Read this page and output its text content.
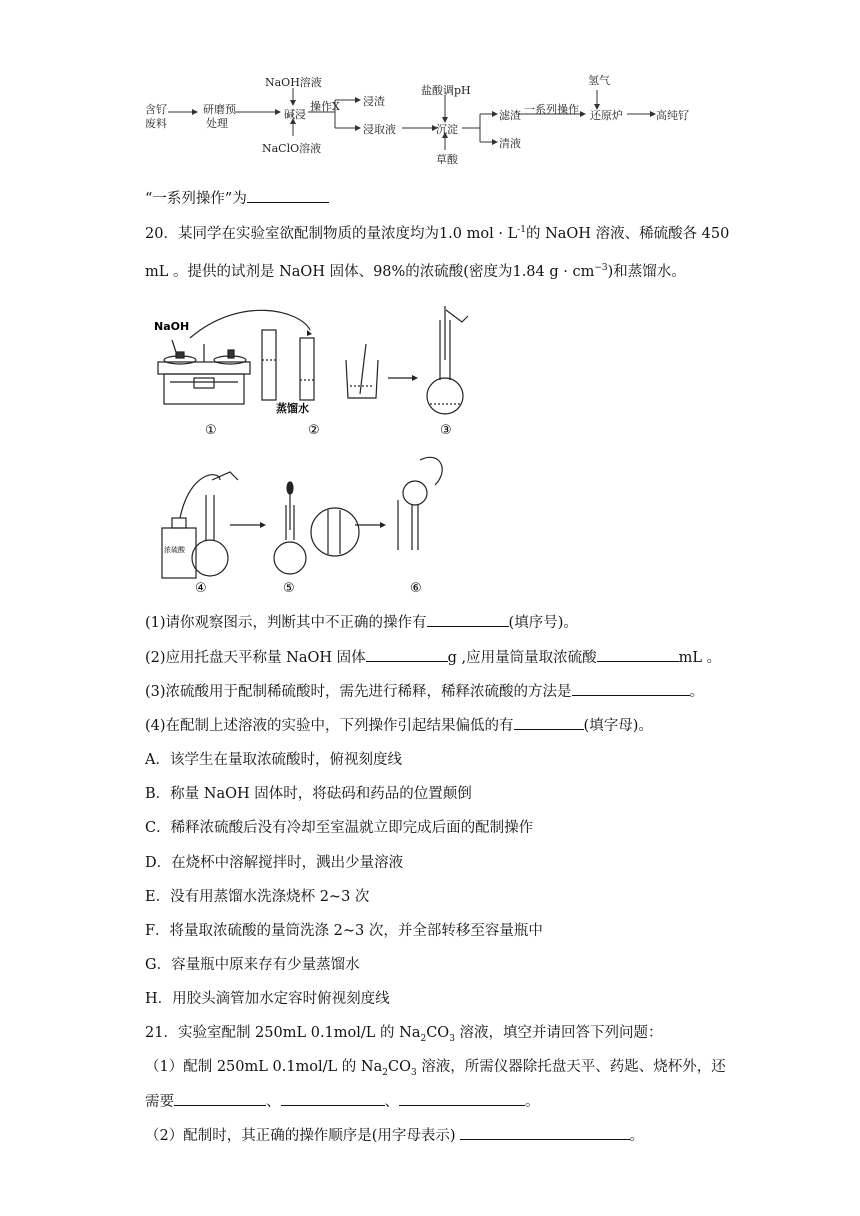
含钌
废料
研磨预
处理
NaOH溶液
碱浸
NaClO溶液
操作X 浸渣
浸取液
盐酸调pH
沉淀
草酸
滤渣
清液
一系列操作
氢气
还原炉	高纯钌
“一系列操作”为
20．某同学在实验室欲配制物质的量浓度均为1.0 mol · $L^{-1}$的 NaOH 溶液、稀硫酸各 450
mL 。提供的试剂是 NaOH 固体、98%的浓硫酸(密度为1.84 $g \cdot cm^{-3}$)和蒸馏水。
NaOH
蒸馏水
浓硫酸
①	②	③
④	⑤	⑥
(1)请你观察图示，判断其中不正确的操作有	(填序号)。
(2)应用托盘天平称量 NaOH 固体	g ,应用量筒量取浓硫酸	mL 。
(3)浓硫酸用于配制稀硫酸时，需先进行稀释，稀释浓硫酸的方法是	。
(4)在配制上述溶液的实验中，下列操作引起结果偏低的有	(填字母)。
A．该学生在量取浓硫酸时，俯视刻度线
B．称量 NaOH 固体时，将砝码和药品的位置颠倒
C．稀释浓硫酸后没有冷却至室温就立即完成后面的配制操作
D．在烧杯中溶解搅拌时，溅出少量溶液
E．没有用蒸馏水洗涤烧杯 2~3 次
F．将量取浓硫酸的量筒洗涤 2~3 次，并全部转移至容量瓶中
G．容量瓶中原来存有少量蒸馏水
H．用胶头滴管加水定容时俯视刻度线
21．实验室配制 250mL 0.1mol/L 的 $Na_2CO_3$ 溶液，填空并请回答下列问题：
（1）配制 250mL 0.1mol/L 的 $Na_2CO_3$ 溶液，所需仪器除托盘天平、药匙、烧杯外，还
需要	、	、	。
（2）配制时，其正确的操作顺序是(用字母表示)	。
